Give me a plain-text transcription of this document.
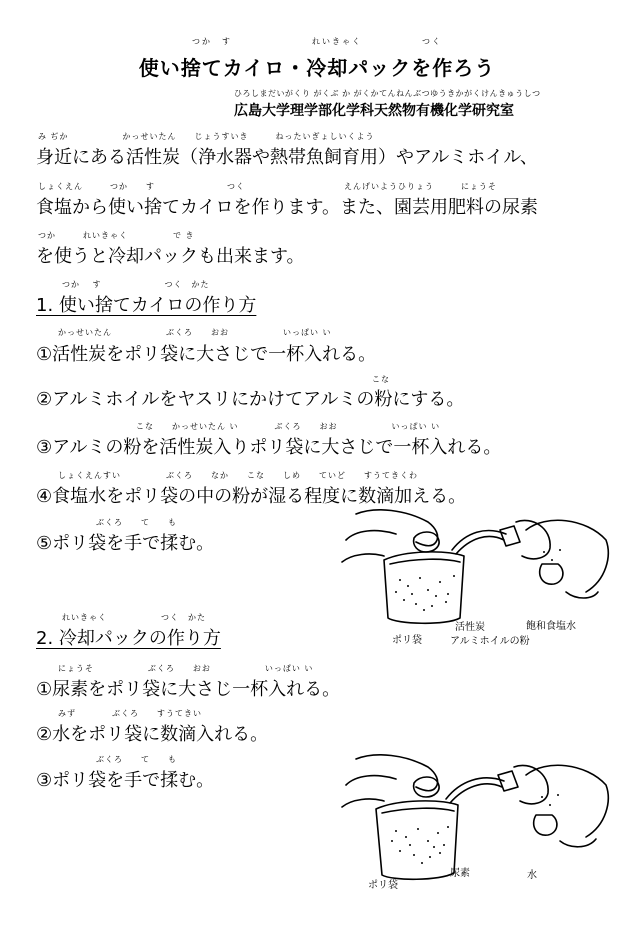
つか　す　　　　　　　　れいきゃく　　　　　　つく
使い捨てカイロ・冷却パックを作ろう
ひろしまだいがくり がくぶ か がくかてんねんぶつゆうきかがくけんきゅうしつ
広島大学理学部化学科天然物有機化学研究室
み ぢか　　　　　　かっせいたん　　じょうすいき　　　ねったいぎょしいくよう
身近にある活性炭（浄水器や熱帯魚飼育用）やアルミホイル、
しょくえん　　　つか　　す　　　　　　　　つく　　　　　　　　　　　えんげいようひりょう　　　にょうそ
食塩から使い捨てカイロを作ります。また、園芸用肥料の尿素
つか　　　れいきゃく　　　　　で き
を使うと冷却パックも出来ます。
つか　 す　　　　　　　つく　かた
1. 使い捨てカイロの作り方
かっせいたん　　　　　　ぶくろ　　おお　　　　　　いっぱい い
①活性炭をポリ袋に大さじで一杯入れる。
こな
②アルミホイルをヤスリにかけてアルミの粉にする。
こな　　かっせいたん い　　　　ぶくろ　　おお　　　　　　いっぱい い
③アルミの粉を活性炭入りポリ袋に大さじで一杯入れる。
しょくえんすい　　　　　ぶくろ　　なか　　こな　　しめ　　ていど　　すうてきくわ
④食塩水をポリ袋の中の粉が湿る程度に数滴加える。
ぶくろ　　て　　も
⑤ポリ袋を手で揉む。
ポリ袋
活性炭
アルミホイルの粉
飽和食塩水
れいきゃく　　　　　　つく　かた
2. 冷却パックの作り方
にょうそ　　　　　　ぶくろ　　おお　　　　　　いっぱい い
①尿素をポリ袋に大さじ一杯入れる。
みず　　　　ぶくろ　　すうてきい
②水をポリ袋に数滴入れる。
ぶくろ　　て　　も
③ポリ袋を手で揉む。
ポリ袋
尿素	水
